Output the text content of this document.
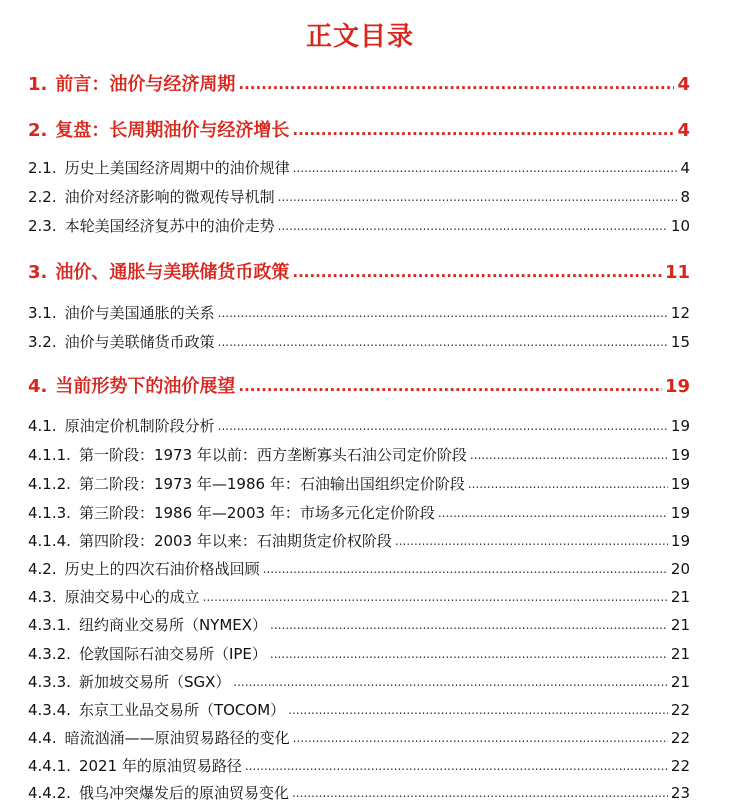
正文目录
1. 前言：油价与经济周期 .....	4
2. 复盘：长周期油价与经济增长 .....	4
2.1. 历史上美国经济周期中的油价规律 .....	4
2.2. 油价对经济影响的微观传导机制 .....	8
2.3. 本轮美国经济复苏中的油价走势 .....	10
3. 油价、通胀与美联储货币政策 .....	11
3.1. 油价与美国通胀的关系 .....	12
3.2. 油价与美联储货币政策 .....	15
4. 当前形势下的油价展望 .....	19
4.1. 原油定价机制阶段分析 .....	19
4.1.1. 第一阶段：1973 年以前：西方垄断寡头石油公司定价阶段 .....	19
4.1.2. 第二阶段：1973 年—1986 年：石油输出国组织定价阶段 .....	19
4.1.3. 第三阶段：1986 年—2003 年：市场多元化定价阶段 .....	19
4.1.4. 第四阶段：2003 年以来：石油期货定价权阶段 .....	19
4.2. 历史上的四次石油价格战回顾 .....	20
4.3. 原油交易中心的成立 .....	21
4.3.1. 纽约商业交易所（NYMEX） .....	21
4.3.2. 伦敦国际石油交易所（IPE） .....	21
4.3.3. 新加坡交易所（SGX） .....	21
4.3.4. 东京工业品交易所（TOCOM） .....	22
4.4. 暗流汹涌——原油贸易路径的变化 .....	22
4.4.1. 2021 年的原油贸易路径 .....	22
4.4.2. 俄乌冲突爆发后的原油贸易变化 .....	23
